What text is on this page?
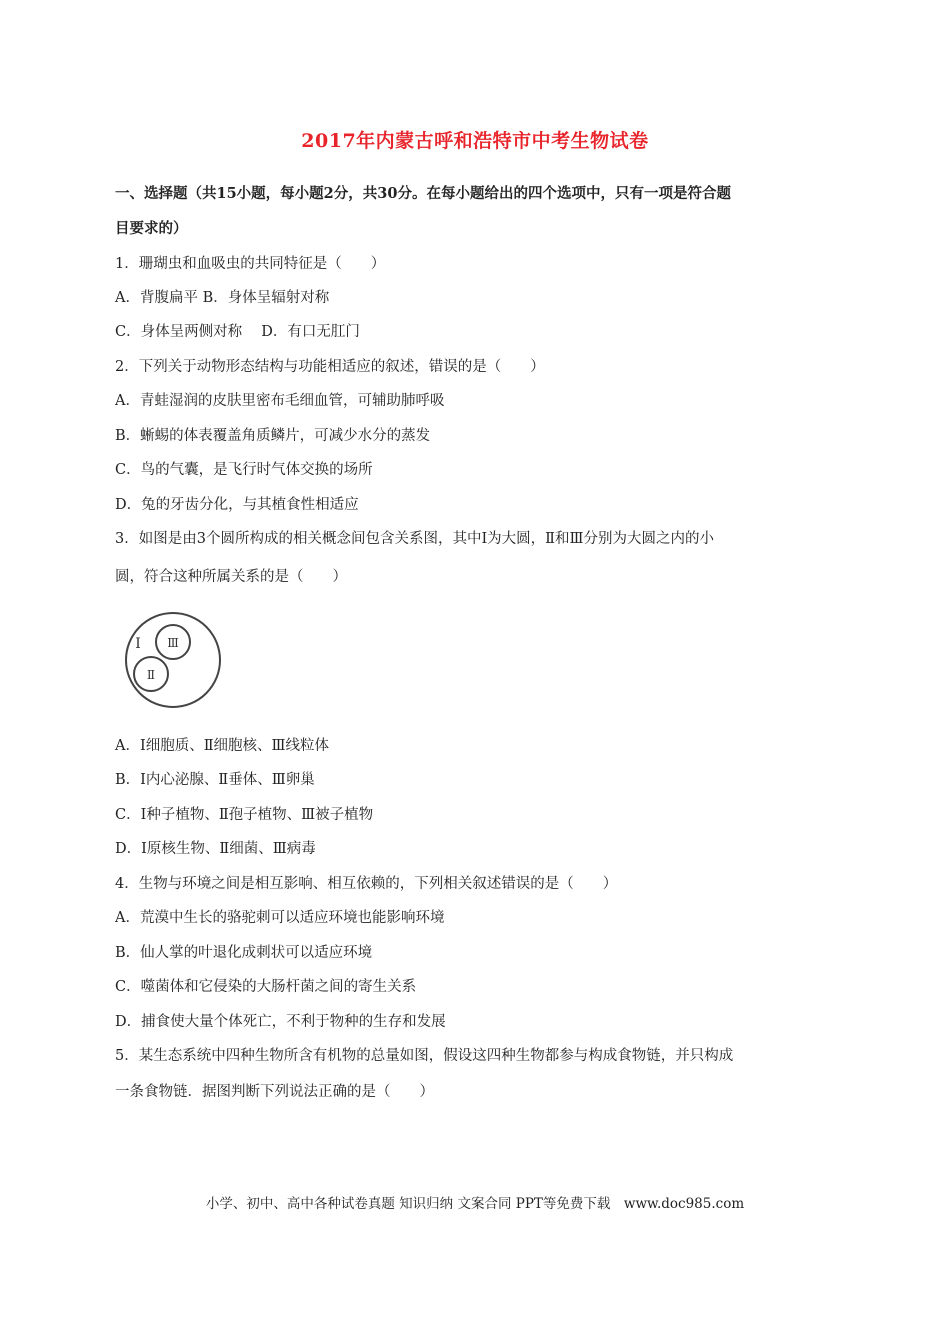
2017年内蒙古呼和浩特市中考生物试卷
一、选择题（共15小题，每小题2分，共30分。在每小题给出的四个选项中，只有一项是符合题
目要求的）
1．珊瑚虫和血吸虫的共同特征是（　　）
A．背腹扁平 B．身体呈辐射对称
C．身体呈两侧对称　 D．有口无肛门
2．下列关于动物形态结构与功能相适应的叙述，错误的是（　　）
A．青蛙湿润的皮肤里密布毛细血管，可辅助肺呼吸
B．蜥蜴的体表覆盖角质鳞片，可减少水分的蒸发
C．鸟的气囊，是飞行时气体交换的场所
D．兔的牙齿分化，与其植食性相适应
3．如图是由3个圆所构成的相关概念间包含关系图，其中Ⅰ为大圆，Ⅱ和Ⅲ分别为大圆之内的小
圆，符合这种所属关系的是（　　）
Ⅰ Ⅲ
Ⅱ
A．Ⅰ细胞质、Ⅱ细胞核、Ⅲ线粒体
B．Ⅰ内心泌腺、Ⅱ垂体、Ⅲ卵巢
C．Ⅰ种子植物、Ⅱ孢子植物、Ⅲ被子植物
D．Ⅰ原核生物、Ⅱ细菌、Ⅲ病毒
4．生物与环境之间是相互影响、相互依赖的，下列相关叙述错误的是（　　）
A．荒漠中生长的骆驼刺可以适应环境也能影响环境
B．仙人掌的叶退化成刺状可以适应环境
C．噬菌体和它侵染的大肠杆菌之间的寄生关系
D．捕食使大量个体死亡，不利于物种的生存和发展
5．某生态系统中四种生物所含有机物的总量如图，假设这四种生物都参与构成食物链，并只构成
一条食物链．据图判断下列说法正确的是（　　）
小学、初中、高中各种试卷真题 知识归纳 文案合同 PPT等免费下载　www.doc985.com
